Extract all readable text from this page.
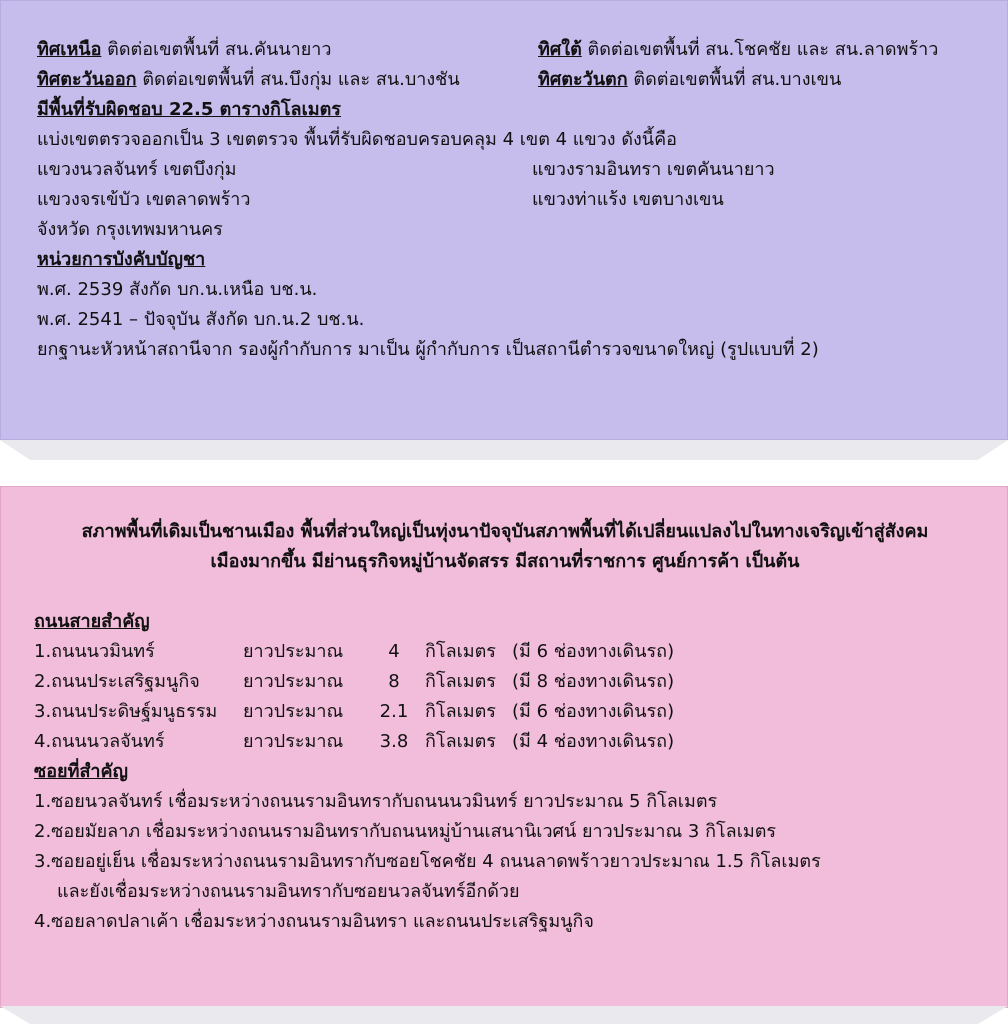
ทิศเหนือ ติดต่อเขตพื้นที่ สน.คันนายาว	ทิศใต้ ติดต่อเขตพื้นที่ สน.โชคชัย และ สน.ลาดพร้าว
ทิศตะวันออก ติดต่อเขตพื้นที่ สน.บึงกุ่ม และ สน.บางชัน	ทิศตะวันตก ติดต่อเขตพื้นที่ สน.บางเขน
มีพื้นที่รับผิดชอบ 22.5 ตารางกิโลเมตร
แบ่งเขตตรวจออกเป็น 3 เขตตรวจ พื้นที่รับผิดชอบครอบคลุม 4 เขต 4 แขวง ดังนี้คือ
แขวงนวลจันทร์ เขตบึงกุ่ม	แขวงรามอินทรา เขตคันนายาว
แขวงจรเข้บัว เขตลาดพร้าว	แขวงท่าแร้ง เขตบางเขน
จังหวัด กรุงเทพมหานคร
หน่วยการบังคับบัญชา
พ.ศ. 2539 สังกัด บก.น.เหนือ บช.น.
พ.ศ. 2541 – ปัจจุบัน สังกัด บก.น.2 บช.น.
ยกฐานะหัวหน้าสถานีจาก รองผู้กำกับการ มาเป็น ผู้กำกับการ เป็นสถานีตำรวจขนาดใหญ่ (รูปแบบที่ 2)
สภาพพื้นที่เดิมเป็นชานเมือง พื้นที่ส่วนใหญ่เป็นทุ่งนาปัจจุบันสภาพพื้นที่ได้เปลี่ยนแปลงไปในทางเจริญเข้าสู่สังคม
เมืองมากขึ้น มีย่านธุรกิจหมู่บ้านจัดสรร มีสถานที่ราชการ ศูนย์การค้า เป็นต้น
ถนนสายสำคัญ
1.ถนนนวมินทร์	ยาวประมาณ	4	กิโลเมตร (มี 6 ช่องทางเดินรถ)
2.ถนนประเสริฐมนูกิจ ยาวประมาณ	8	กิโลเมตร (มี 8 ช่องทางเดินรถ)
3.ถนนประดิษฐ์มนูธรรม ยาวประมาณ	2.1 กิโลเมตร (มี 6 ช่องทางเดินรถ)
4.ถนนนวลจันทร์	ยาวประมาณ	3.8 กิโลเมตร (มี 4 ช่องทางเดินรถ)
ซอยที่สำคัญ
1.ซอยนวลจันทร์ เชื่อมระหว่างถนนรามอินทรากับถนนนวมินทร์ ยาวประมาณ 5 กิโลเมตร
2.ซอยมัยลาภ เชื่อมระหว่างถนนรามอินทรากับถนนหมู่บ้านเสนานิเวศน์ ยาวประมาณ 3 กิโลเมตร
3.ซอยอยู่เย็น เชื่อมระหว่างถนนรามอินทรากับซอยโชคชัย 4 ถนนลาดพร้าวยาวประมาณ 1.5 กิโลเมตร
และยังเชื่อมระหว่างถนนรามอินทรากับซอยนวลจันทร์อีกด้วย
4.ซอยลาดปลาเค้า เชื่อมระหว่างถนนรามอินทรา และถนนประเสริฐมนูกิจ
